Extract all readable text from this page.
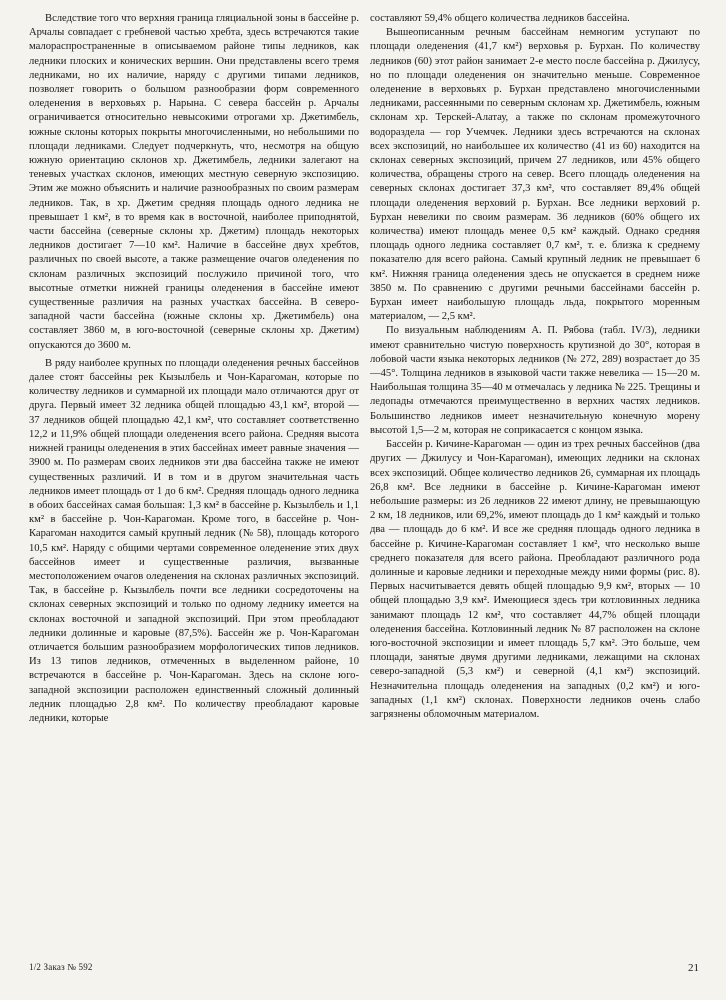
Вследствие того что верхняя граница гляциальной зоны в бассейне р. Арчалы совпадает с гребневой частью хребта, здесь встречаются такие малораспространенные в описываемом районе типы ледников, как ледники плоских и конических вершин. Они представлены всего тремя ледниками, но их наличие, наряду с другими типами ледников, позволяет говорить о большом разнообразии форм современного оледенения в верховьях р. Нарына. С севера бассейн р. Арчалы ограничивается относительно невысокими отрогами хр. Джетимбель, южные склоны которых покрыты многочисленными, но небольшими по площади ледниками. Следует подчеркнуть, что, несмотря на общую южную ориентацию склонов хр. Джетимбель, ледники залегают на теневых участках склонов, имеющих местную северную экспозицию. Этим же можно объяснить и наличие разнообразных по своим размерам ледников. Так, в хр. Джетим средняя площадь одного ледника не превышает 1 км², в то время как в восточной, наиболее приподнятой, части бассейна (северные склоны хр. Джетим) площадь некоторых ледников достигает 7—10 км². Наличие в бассейне двух хребтов, различных по своей высоте, а также размещение очагов оледенения по склонам различных экспозиций послужило причиной того, что высотные отметки нижней границы оледенения в бассейне имеют существенные различия на разных участках бассейна. В северо-западной части бассейна (южные склоны хр. Джетимбель) она составляет 3860 м, в юго-восточной (северные склоны хр. Джетим) опускаются до 3600 м.

В ряду наиболее крупных по площади оледенения речных бассейнов далее стоят бассейны рек Кызылбель и Чон-Карагоман, которые по количеству ледников и суммарной их площади мало отличаются друг от друга. Первый имеет 32 ледника общей площадью 43,1 км², второй — 37 ледников общей площадью 42,1 км², что составляет соответственно 12,2 и 11,9% общей площади оледенения всего района. Средняя высота нижней границы оледенения в этих бассейнах имеет равные значения — 3900 м. По размерам своих ледников эти два бассейна также не имеют существенных различий. И в том и в другом значительная часть ледников имеет площадь от 1 до 6 км². Средняя площадь одного ледника в обоих бассейнах самая большая: 1,3 км² в бассейне р. Кызылбель и 1,1 км² в бассейне р. Чон-Карагоман. Кроме того, в бассейне р. Чон-Карагоман находится самый крупный ледник (№ 58), площадь которого 10,5 км². Наряду с общими чертами современное оледенение этих двух бассейнов имеет и существенные различия, вызванные местоположением очагов оледенения на склонах различных экспозиций. Так, в бассейне р. Кызылбель почти все ледники сосредоточены на склонах северных экспозиций и только по одному леднику имеется на склонах восточной и западной экспозиций. При этом преобладают ледники долинные и каровые (87,5%). Бассейн же р. Чон-Карагоман отличается большим разнообразием морфологических типов ледников. Из 13 типов ледников, отмеченных в выделенном районе, 10 встречаются в бассейне р. Чон-Карагоман. Здесь на склоне юго-западной экспозиции расположен единственный сложный долинный ледник площадью 2,8 км². По количеству преобладают каровые ледники, которые

составляют 59,4% общего количества ледников бассейна.

Вышеописанным речным бассейнам немногим уступают по площади оледенения (41,7 км²) верховья р. Бурхан. По количеству ледников (60) этот район занимает 2-е место после бассейна р. Джилусу, но по площади оледенения он значительно меньше. Современное оледенение в верховьях р. Бурхан представлено многочисленными ледниками, рассеянными по северным склонам хр. Джетимбель, южным склонам хр. Терскей-Алатау, а также по склонам промежуточного водораздела — гор Учемчек. Ледники здесь встречаются на склонах всех экспозиций, но наибольшее их количество (41 из 60) находится на склонах северных экспозиций, причем 27 ледников, или 45% общего количества, обращены строго на север. Всего площадь оледенения на северных склонах достигает 37,3 км², что составляет 89,4% общей площади оледенения верховий р. Бурхан. Все ледники верховий р. Бурхан невелики по своим размерам. 36 ледников (60% общего их количества) имеют площадь менее 0,5 км² каждый. Однако средняя площадь одного ледника составляет 0,7 км², т. е. близка к среднему показателю для всего района. Самый крупный ледник не превышает 6 км². Нижняя граница оледенения здесь не опускается в среднем ниже 3850 м. По сравнению с другими речными бассейнами бассейн р. Бурхан имеет наибольшую площадь льда, покрытого моренным материалом, — 2,5 км².

По визуальным наблюдениям А. П. Рябова (табл. IV/3), ледники имеют сравнительно чистую поверхность крутизной до 30°, которая в лобовой части языка некоторых ледников (№ 272, 289) возрастает до 35—45°. Толщина ледников в языковой части также невелика — 15—20 м. Наибольшая толщина 35—40 м отмечалась у ледника № 225. Трещины и ледопады отмечаются преимущественно в верхних частях ледников. Большинство ледников имеет незначительную конечную морену высотой 1,5—2 м, которая не соприкасается с концом языка.

Бассейн р. Кичине-Карагоман — один из трех речных бассейнов (два других — Джилусу и Чон-Карагоман), имеющих ледники на склонах всех экспозиций. Общее количество ледников 26, суммарная их площадь 26,8 км². Все ледники в бассейне р. Кичине-Карагоман имеют небольшие размеры: из 26 ледников 22 имеют длину, не превышающую 2 км, 18 ледников, или 69,2%, имеют площадь до 1 км² каждый и только два — площадь до 6 км². И все же средняя площадь одного ледника в бассейне р. Кичине-Карагоман составляет 1 км², что несколько выше среднего показателя для всего района. Преобладают различного рода долинные и каровые ледники и переходные между ними формы (рис. 8). Первых насчитывается девять общей площадью 9,9 км², вторых — 10 общей площадью 3,9 км². Имеющиеся здесь три котловинных ледника занимают площадь 12 км², что составляет 44,7% общей площади оледенения бассейна. Котловинный ледник № 87 расположен на склоне юго-восточной экспозиции и имеет площадь 5,7 км². Это больше, чем площади, занятые двумя другими ледниками, лежащими на склонах северо-западной (5,3 км²) и северной (4,1 км²) экспозиций. Незначительна площадь оледенения на западных (0,2 км²) и юго-западных (1,1 км²) склонах. Поверхности ледников очень слабо загрязнены обломочным материалом.

1/2 Заказ № 592	21
